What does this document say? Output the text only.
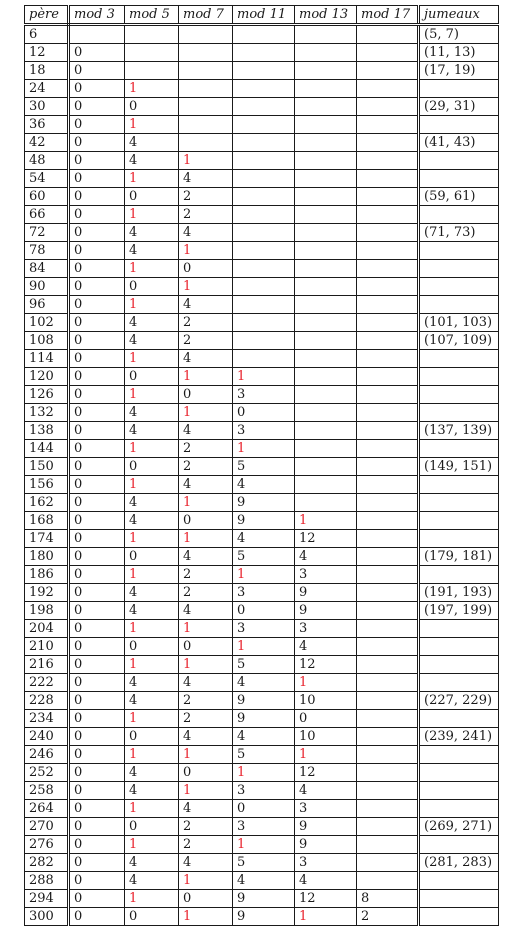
père	mod 3	mod 5	mod 7	mod 11	mod 13	mod 17	jumeaux
6							(5, 7)
12	0						(11, 13)
18	0						(17, 19)
24	0	1					
30	0	0					(29, 31)
36	0	1					
42	0	4					(41, 43)
48	0	4	1				
54	0	1	4				
60	0	0	2				(59, 61)
66	0	1	2				
72	0	4	4				(71, 73)
78	0	4	1				
84	0	1	0				
90	0	0	1				
96	0	1	4				
102	0	4	2				(101, 103)
108	0	4	2				(107, 109)
114	0	1	4				
120	0	0	1	1			
126	0	1	0	3			
132	0	4	1	0			
138	0	4	4	3			(137, 139)
144	0	1	2	1			
150	0	0	2	5			(149, 151)
156	0	1	4	4			
162	0	4	1	9			
168	0	4	0	9	1		
174	0	1	1	4	12		
180	0	0	4	5	4		(179, 181)
186	0	1	2	1	3		
192	0	4	2	3	9		(191, 193)
198	0	4	4	0	9		(197, 199)
204	0	1	1	3	3		
210	0	0	0	1	4		
216	0	1	1	5	12		
222	0	4	4	4	1		
228	0	4	2	9	10		(227, 229)
234	0	1	2	9	0		
240	0	0	4	4	10		(239, 241)
246	0	1	1	5	1		
252	0	4	0	1	12		
258	0	4	1	3	4		
264	0	1	4	0	3		
270	0	0	2	3	9		(269, 271)
276	0	1	2	1	9		
282	0	4	4	5	3		(281, 283)
288	0	4	1	4	4		
294	0	1	0	9	12	8	
300	0	0	1	9	1	2	
